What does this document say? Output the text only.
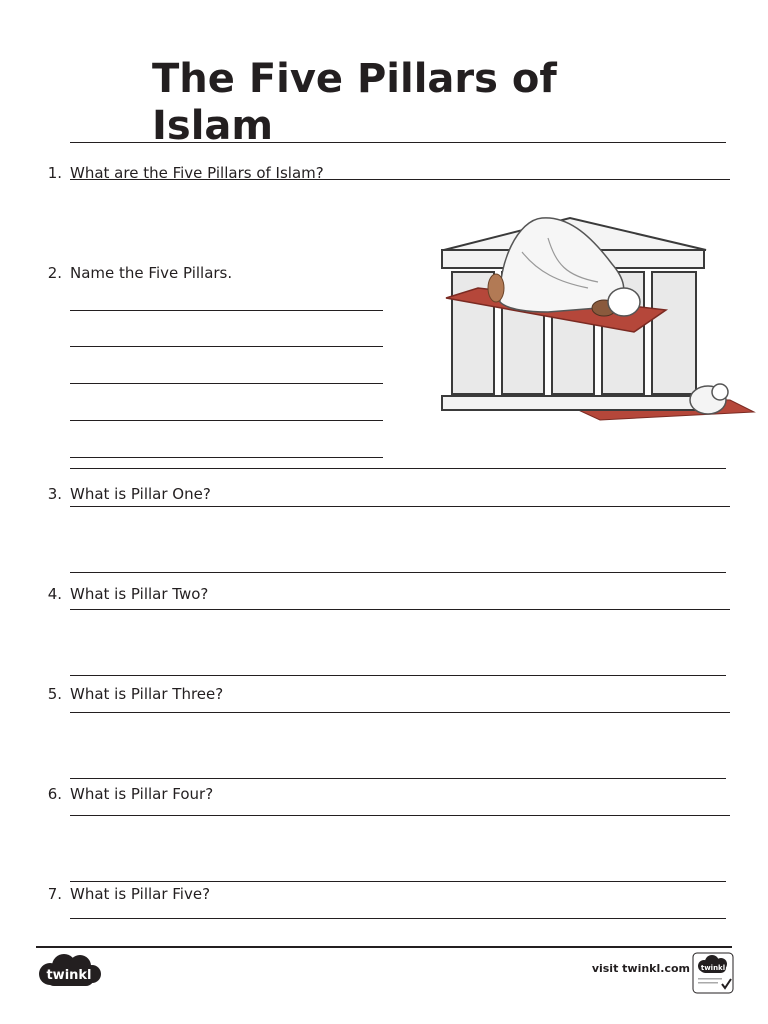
The Five Pillars of Islam
1. What are the Five Pillars of Islam?
2. Name the Five Pillars.
3. What is Pillar One?
4. What is Pillar Two?
5. What is Pillar Three?
6. What is Pillar Four?
7. What is Pillar Five?
twinkl	visit twinkl.com twinkl
